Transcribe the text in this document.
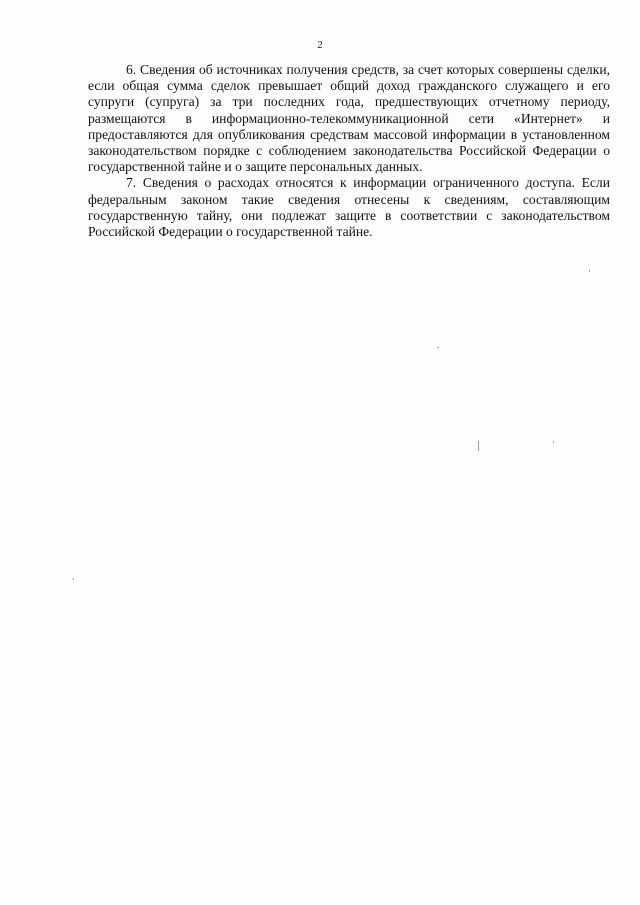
2

6. Сведения об источниках получения средств, за счет которых совершены сделки, если общая сумма сделок превышает общий доход гражданского служащего и его супруги (супруга) за три последних года, предшествующих отчетному периоду, размещаются в информационно-телекоммуникационной сети «Интернет» и предоставляются для опубликования средствам массовой информации в установленном законодательством порядке с соблюдением законодательства Российской Федерации о государственной тайне и о защите персональных данных.

7. Сведения о расходах относятся к информации ограниченного доступа. Если федеральным законом такие сведения отнесены к сведениям, составляющим государственную тайну, они подлежат защите в соответствии с законодательством Российской Федерации о государственной тайне.
